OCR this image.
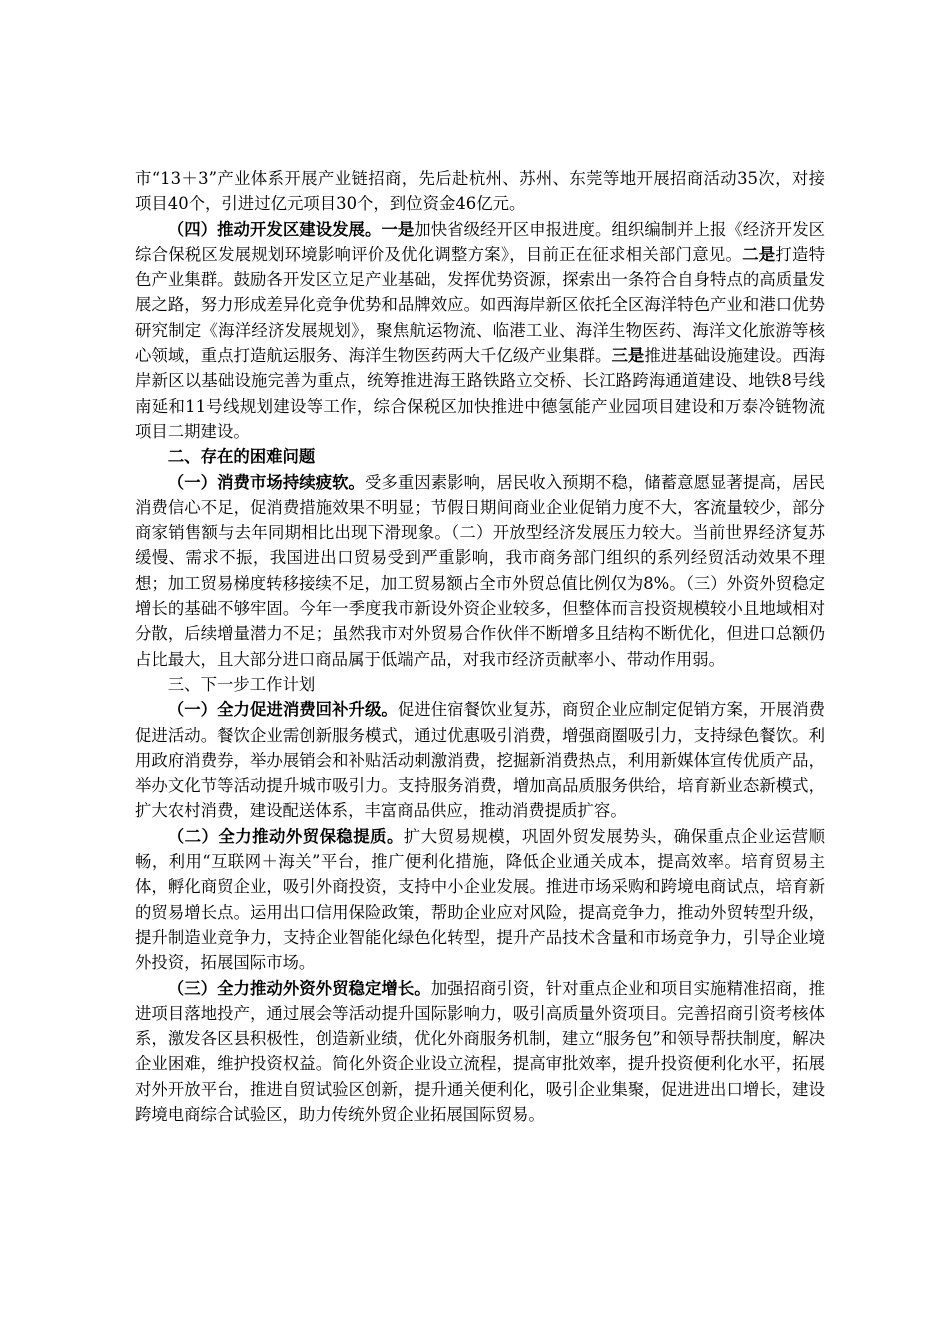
市“13＋3”产业体系开展产业链招商，先后赴杭州、苏州、东莞等地开展招商活动35次，对接项目40个，引进过亿元项目30个，到位资金46亿元。

（四）推动开发区建设发展。一是加快省级经开区申报进度。组织编制并上报《经济开发区综合保税区发展规划环境影响评价及优化调整方案》，目前正在征求相关部门意见。二是打造特色产业集群。鼓励各开发区立足产业基础，发挥优势资源，探索出一条符合自身特点的高质量发展之路，努力形成差异化竞争优势和品牌效应。如西海岸新区依托全区海洋特色产业和港口优势研究制定《海洋经济发展规划》，聚焦航运物流、临港工业、海洋生物医药、海洋文化旅游等核心领域，重点打造航运服务、海洋生物医药两大千亿级产业集群。三是推进基础设施建设。西海岸新区以基础设施完善为重点，统筹推进海王路铁路立交桥、长江路跨海通道建设、地铁8号线南延和11号线规划建设等工作，综合保税区加快推进中德氢能产业园项目建设和万泰冷链物流项目二期建设。

二、存在的困难问题

（一）消费市场持续疲软。受多重因素影响，居民收入预期不稳，储蓄意愿显著提高，居民消费信心不足，促消费措施效果不明显；节假日期间商业企业促销力度不大，客流量较少，部分商家销售额与去年同期相比出现下滑现象。（二）开放型经济发展压力较大。当前世界经济复苏缓慢、需求不振，我国进出口贸易受到严重影响，我市商务部门组织的系列经贸活动效果不理想；加工贸易梯度转移接续不足，加工贸易额占全市外贸总值比例仅为8%。（三）外资外贸稳定增长的基础不够牢固。今年一季度我市新设外资企业较多，但整体而言投资规模较小且地域相对分散，后续增量潜力不足；虽然我市对外贸易合作伙伴不断增多且结构不断优化，但进口总额仍占比最大，且大部分进口商品属于低端产品，对我市经济贡献率小、带动作用弱。

三、下一步工作计划

（一）全力促进消费回补升级。促进住宿餐饮业复苏，商贸企业应制定促销方案，开展消费促进活动。餐饮企业需创新服务模式，通过优惠吸引消费，增强商圈吸引力，支持绿色餐饮。利用政府消费券，举办展销会和补贴活动刺激消费，挖掘新消费热点，利用新媒体宣传优质产品，举办文化节等活动提升城市吸引力。支持服务消费，增加高品质服务供给，培育新业态新模式，扩大农村消费，建设配送体系，丰富商品供应，推动消费提质扩容。

（二）全力推动外贸保稳提质。扩大贸易规模，巩固外贸发展势头，确保重点企业运营顺畅，利用“互联网＋海关”平台，推广便利化措施，降低企业通关成本，提高效率。培育贸易主体，孵化商贸企业，吸引外商投资，支持中小企业发展。推进市场采购和跨境电商试点，培育新的贸易增长点。运用出口信用保险政策，帮助企业应对风险，提高竞争力，推动外贸转型升级，提升制造业竞争力，支持企业智能化绿色化转型，提升产品技术含量和市场竞争力，引导企业境外投资，拓展国际市场。

（三）全力推动外资外贸稳定增长。加强招商引资，针对重点企业和项目实施精准招商，推进项目落地投产，通过展会等活动提升国际影响力，吸引高质量外资项目。完善招商引资考核体系，激发各区县积极性，创造新业绩，优化外商服务机制，建立“服务包”和领导帮扶制度，解决企业困难，维护投资权益。简化外资企业设立流程，提高审批效率，提升投资便利化水平，拓展对外开放平台，推进自贸试验区创新，提升通关便利化，吸引企业集聚，促进进出口增长，建设跨境电商综合试验区，助力传统外贸企业拓展国际贸易。
